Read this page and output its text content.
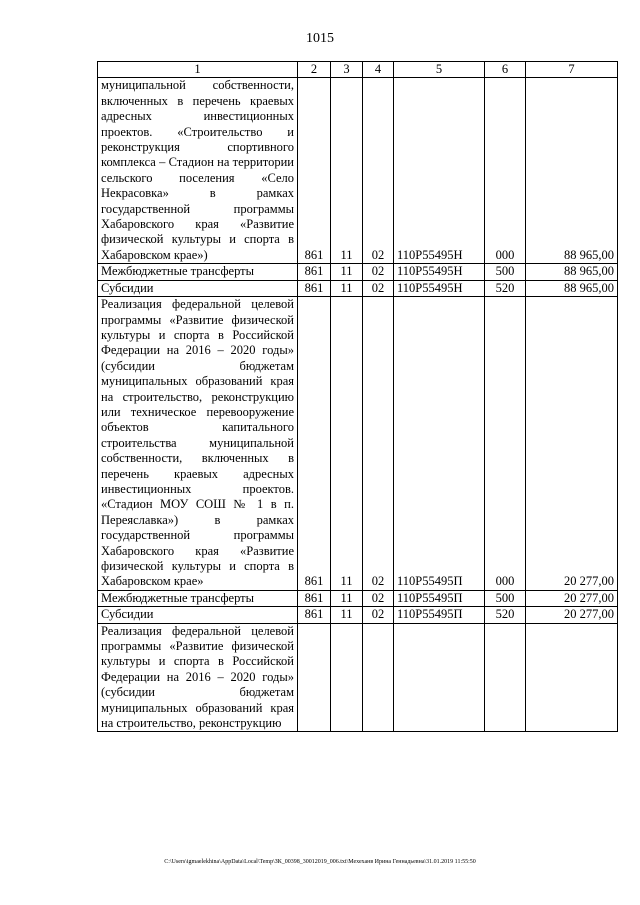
1015
1	2	3	4	5	6	7
муниципальной собственности, включенных в перечень краевых адресных инвестиционных проектов. «Строительство и реконструкция спортивного комплекса – Стадион на территории сельского поселения «Село Некрасовка» в рамках государственной программы Хабаровского края «Развитие физической культуры и спорта в Хабаровском крае»)	861	11	02	110P55495Н	000	88 965,00
Межбюджетные трансферты	861	11	02	110P55495Н	500	88 965,00
Субсидии	861	11	02	110P55495Н	520	88 965,00
Реализация федеральной целевой программы «Развитие физической культуры и спорта в Российской Федерации на 2016 – 2020 годы» (субсидии бюджетам муниципальных образований края на строительство, реконструкцию или техническое перевооружение объектов капитального строительства муниципальной собственности, включенных в перечень краевых адресных инвестиционных проектов. «Стадион МОУ СОШ № 1 в п. Переяславка») в рамках государственной программы Хабаровского края «Развитие физической культуры и спорта в Хабаровском крае»	861	11	02	110P55495П	000	20 277,00
Межбюджетные трансферты	861	11	02	110P55495П	500	20 277,00
Субсидии	861	11	02	110P55495П	520	20 277,00
Реализация федеральной целевой программы «Развитие физической культуры и спорта в Российской Федерации на 2016 – 2020 годы» (субсидии бюджетам муниципальных образований края на строительство, реконструкцию						
C:\Users\igmaelekhina\AppData\Local\Temp\ЗК_00398_30012019_006.txt\Мехеханв Ирина Геннадьевна\31.01.2019 11:55:50
